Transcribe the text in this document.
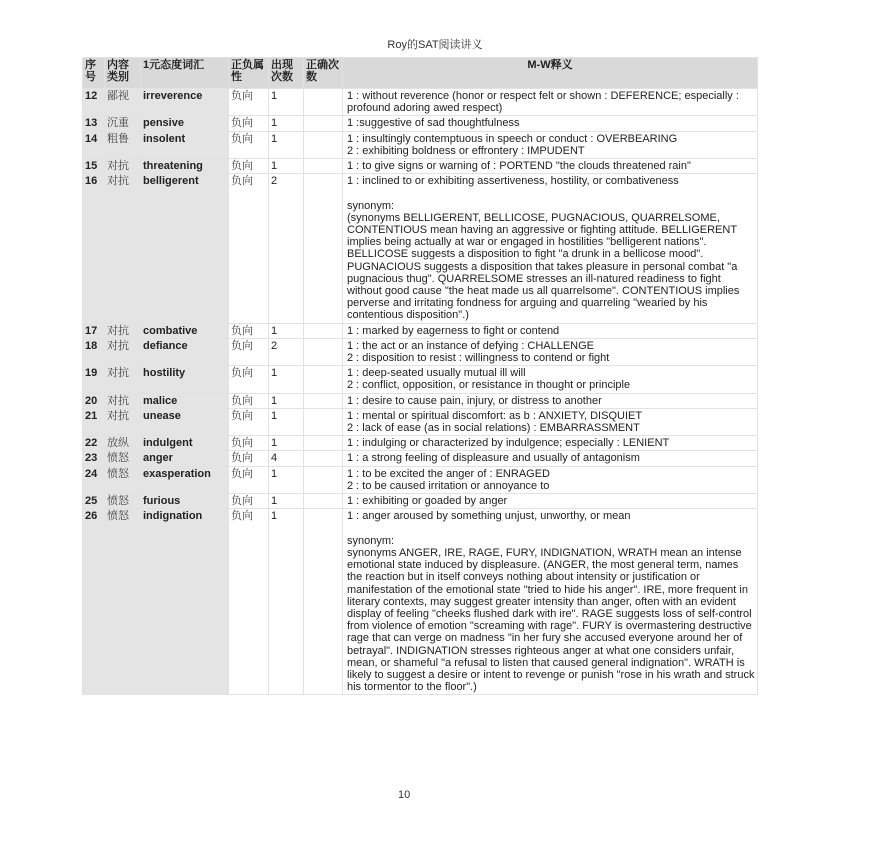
Roy的SAT阅读讲义
序号	内容类别	1元态度词汇	正负属性	出现次数	正确次数	M-W释义
12	鄙视	irreverence	负向	1		1 : without reverence (honor or respect felt or shown : DEFERENCE; especially : profound adoring awed respect)
13	沉重	pensive	负向	1		1 :suggestive of sad thoughtfulness
14	粗鲁	insolent	负向	1		1 : insultingly contemptuous in speech or conduct : OVERBEARING
2 : exhibiting boldness or effrontery : IMPUDENT
15	对抗	threatening	负向	1		1 : to give signs or warning of : PORTEND "the clouds threatened rain"
16	对抗	belligerent	负向	2		1 : inclined to or exhibiting assertiveness, hostility, or combativeness

synonym:
(synonyms BELLIGERENT, BELLICOSE, PUGNACIOUS, QUARRELSOME, CONTENTIOUS mean having an aggressive or fighting attitude. BELLIGERENT implies being actually at war or engaged in hostilities "belligerent nations". BELLICOSE suggests a disposition to fight "a drunk in a bellicose mood". PUGNACIOUS suggests a disposition that takes pleasure in personal combat "a pugnacious thug". QUARRELSOME stresses an ill-natured readiness to fight without good cause "the heat made us all quarrelsome". CONTENTIOUS implies perverse and irritating fondness for arguing and quarreling "wearied by his contentious disposition".)
17	对抗	combative	负向	1		1 : marked by eagerness to fight or contend
18	对抗	defiance	负向	2		1 : the act or an instance of defying : CHALLENGE
2 : disposition to resist : willingness to contend or fight
19	对抗	hostility	负向	1		1 : deep-seated usually mutual ill will
2 : conflict, opposition, or resistance in thought or principle
20	对抗	malice	负向	1		1 : desire to cause pain, injury, or distress to another
21	对抗	unease	负向	1		1 : mental or spiritual discomfort: as b : ANXIETY, DISQUIET
2 : lack of ease (as in social relations) : EMBARRASSMENT
22	放纵	indulgent	负向	1		1 : indulging or characterized by indulgence; especially : LENIENT
23	愤怒	anger	负向	4		1 : a strong feeling of displeasure and usually of antagonism
24	愤怒	exasperation	负向	1		1 : to be excited the anger of : ENRAGED
2 : to be caused irritation or annoyance to
25	愤怒	furious	负向	1		1 : exhibiting or goaded by anger
26	愤怒	indignation	负向	1		1 : anger aroused by something unjust, unworthy, or mean

synonym:
synonyms ANGER, IRE, RAGE, FURY, INDIGNATION, WRATH mean an intense emotional state induced by displeasure. (ANGER, the most general term, names the reaction but in itself conveys nothing about intensity or justification or manifestation of the emotional state "tried to hide his anger". IRE, more frequent in literary contexts, may suggest greater intensity than anger, often with an evident display of feeling "cheeks flushed dark with ire". RAGE suggests loss of self-control from violence of emotion "screaming with rage". FURY is overmastering destructive rage that can verge on madness "in her fury she accused everyone around her of betrayal". INDIGNATION stresses righteous anger at what one considers unfair, mean, or shameful "a refusal to listen that caused general indignation". WRATH is likely to suggest a desire or intent to revenge or punish "rose in his wrath and struck his tormentor to the floor".)
10
